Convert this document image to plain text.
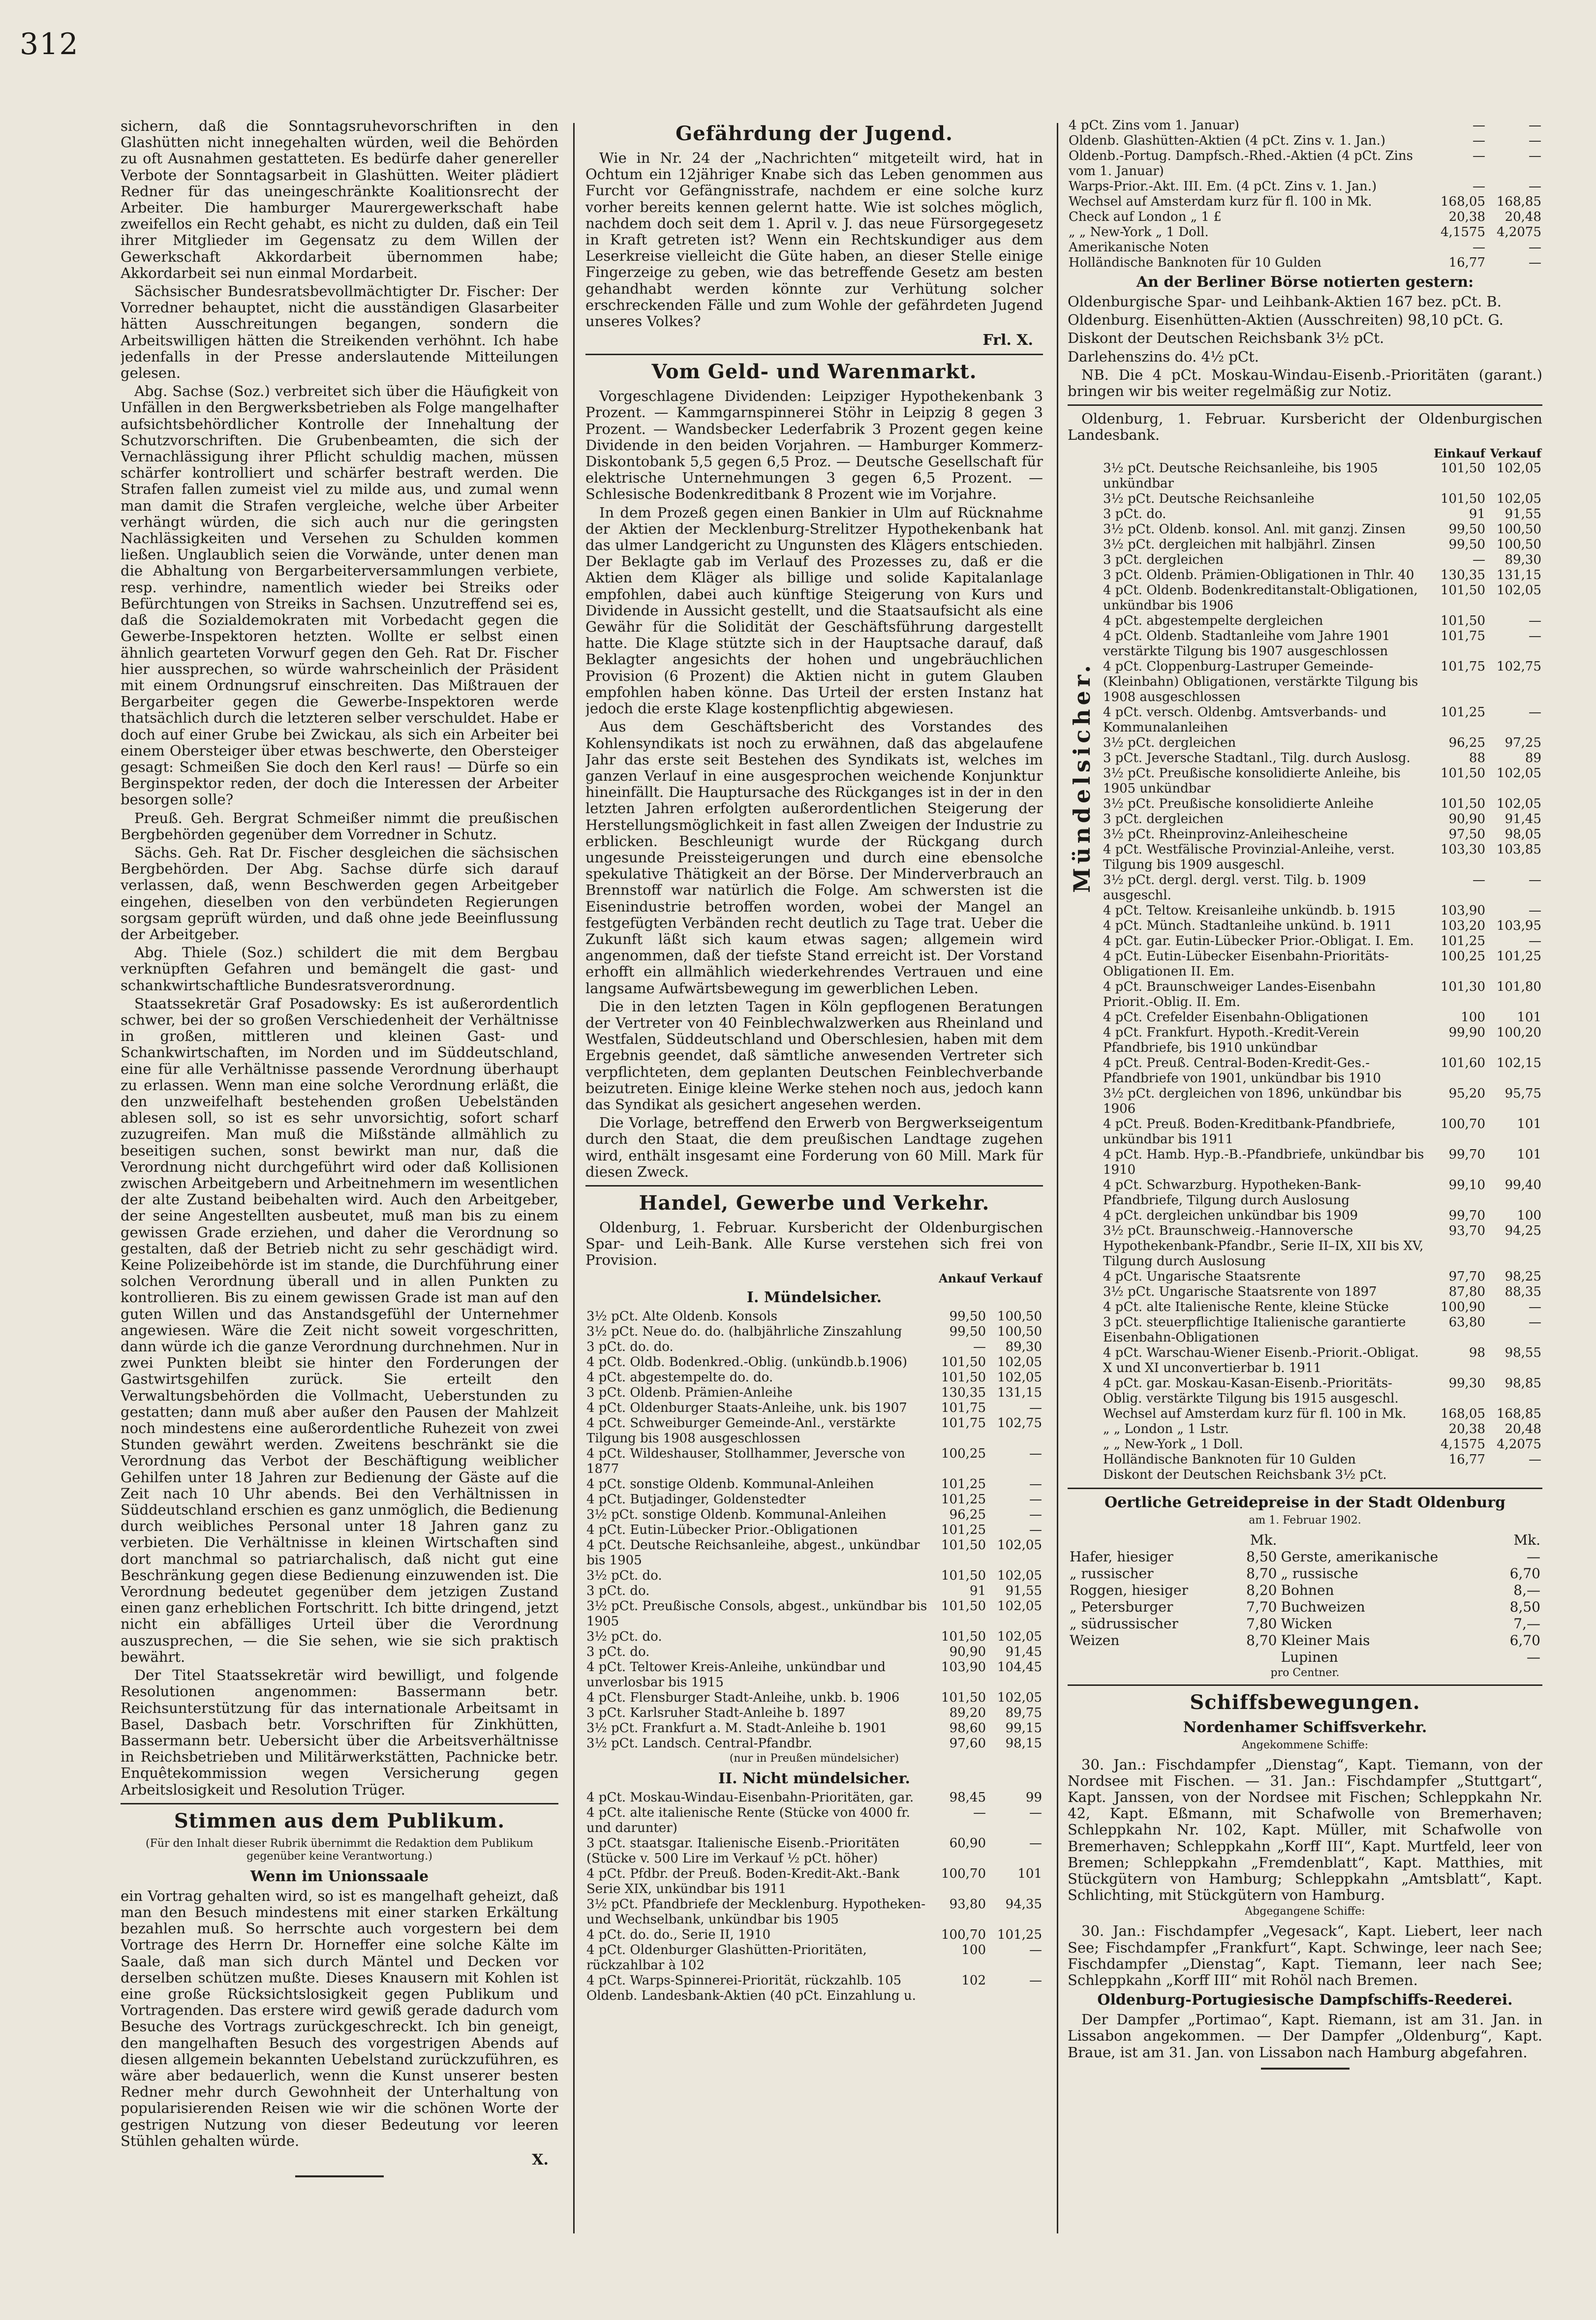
312

sichern, daß die Sonntagsruhevorschriften in den Glashütten nicht innegehalten würden, weil die Behörden zu oft Ausnahmen gestatteten. Es bedürfe daher genereller Verbote der Sonntagsarbeit in Glashütten. Weiter plädiert Redner für das uneingeschränkte Koalitionsrecht der Arbeiter. Die hamburger Maurergewerkschaft habe zweifellos ein Recht gehabt, es nicht zu dulden, daß ein Teil ihrer Mitglieder im Gegensatz zu dem Willen der Gewerkschaft Akkordarbeit übernommen habe; Akkordarbeit sei nun einmal Mordarbeit.

Sächsischer Bundesratsbevollmächtigter Dr. Fischer: Der Vorredner behauptet, nicht die ausständigen Glasarbeiter hätten Ausschreitungen begangen, sondern die Arbeitswilligen hätten die Streikenden verhöhnt. Ich habe jedenfalls in der Presse anderslautende Mitteilungen gelesen.

Abg. Sachse (Soz.) verbreitet sich über die Häufigkeit von Unfällen in den Bergwerksbetrieben als Folge mangelhafter aufsichtsbehördlicher Kontrolle der Innehaltung der Schutzvorschriften. Die Grubenbeamten, die sich der Vernachlässigung ihrer Pflicht schuldig machen, müssen schärfer kontrolliert und schärfer bestraft werden. Die Strafen fallen zumeist viel zu milde aus, und zumal wenn man damit die Strafen vergleiche, welche über Arbeiter verhängt würden, die sich auch nur die geringsten Nachlässigkeiten und Versehen zu Schulden kommen ließen. Unglaublich seien die Vorwände, unter denen man die Abhaltung von Bergarbeiterversammlungen verbiete, resp. verhindre, namentlich wieder bei Streiks oder Befürchtungen von Streiks in Sachsen. Unzutreffend sei es, daß die Sozialdemokraten mit Vorbedacht gegen die Gewerbe-Inspektoren hetzten. Wollte er selbst einen ähnlich gearteten Vorwurf gegen den Geh. Rat Dr. Fischer hier aussprechen, so würde wahrscheinlich der Präsident mit einem Ordnungsruf einschreiten. Das Mißtrauen der Bergarbeiter gegen die Gewerbe-Inspektoren werde thatsächlich durch die letzteren selber verschuldet. Habe er doch auf einer Grube bei Zwickau, als sich ein Arbeiter bei einem Obersteiger über etwas beschwerte, den Obersteiger gesagt: Schmeißen Sie doch den Kerl raus! — Dürfe so ein Berginspektor reden, der doch die Interessen der Arbeiter besorgen solle?

Preuß. Geh. Bergrat Schmeißer nimmt die preußischen Bergbehörden gegenüber dem Vorredner in Schutz.

Sächs. Geh. Rat Dr. Fischer desgleichen die sächsischen Bergbehörden. Der Abg. Sachse dürfe sich darauf verlassen, daß, wenn Beschwerden gegen Arbeitgeber eingehen, dieselben von den verbündeten Regierungen sorgsam geprüft würden, und daß ohne jede Beeinflussung der Arbeitgeber.

Abg. Thiele (Soz.) schildert die mit dem Bergbau verknüpften Gefahren und bemängelt die gast- und schankwirtschaftliche Bundesratsverordnung.

Staatssekretär Graf Posadowsky: Es ist außerordentlich schwer, bei der so großen Verschiedenheit der Verhältnisse in großen, mittleren und kleinen Gast- und Schankwirtschaften, im Norden und im Süddeutschland, eine für alle Verhältnisse passende Verordnung überhaupt zu erlassen. Wenn man eine solche Verordnung erläßt, die den unzweifelhaft bestehenden großen Uebelständen ablesen soll, so ist es sehr unvorsichtig, sofort scharf zuzugreifen. Man muß die Mißstände allmählich zu beseitigen suchen, sonst bewirkt man nur, daß die Verordnung nicht durchgeführt wird oder daß Kollisionen zwischen Arbeitgebern und Arbeitnehmern im wesentlichen der alte Zustand beibehalten wird. Auch den Arbeitgeber, der seine Angestellten ausbeutet, muß man bis zu einem gewissen Grade erziehen, und daher die Verordnung so gestalten, daß der Betrieb nicht zu sehr geschädigt wird. Keine Polizeibehörde ist im stande, die Durchführung einer solchen Verordnung überall und in allen Punkten zu kontrollieren. Bis zu einem gewissen Grade ist man auf den guten Willen und das Anstandsgefühl der Unternehmer angewiesen. Wäre die Zeit nicht soweit vorgeschritten, dann würde ich die ganze Verordnung durchnehmen. Nur in zwei Punkten bleibt sie hinter den Forderungen der Gastwirtsgehilfen zurück. Sie erteilt den Verwaltungsbehörden die Vollmacht, Ueberstunden zu gestatten; dann muß aber außer den Pausen der Mahlzeit noch mindestens eine außerordentliche Ruhezeit von zwei Stunden gewährt werden. Zweitens beschränkt sie die Verordnung das Verbot der Beschäftigung weiblicher Gehilfen unter 18 Jahren zur Bedienung der Gäste auf die Zeit nach 10 Uhr abends. Bei den Verhältnissen in Süddeutschland erschien es ganz unmöglich, die Bedienung durch weibliches Personal unter 18 Jahren ganz zu verbieten. Die Verhältnisse in kleinen Wirtschaften sind dort manchmal so patriarchalisch, daß nicht gut eine Beschränkung gegen diese Bedienung einzuwenden ist. Die Verordnung bedeutet gegenüber dem jetzigen Zustand einen ganz erheblichen Fortschritt. Ich bitte dringend, jetzt nicht ein abfälliges Urteil über die Verordnung auszusprechen, — die Sie sehen, wie sie sich praktisch bewährt.

Der Titel Staatssekretär wird bewilligt, und folgende Resolutionen angenommen: Bassermann betr. Reichsunterstützung für das internationale Arbeitsamt in Basel, Dasbach betr. Vorschriften für Zinkhütten, Bassermann betr. Uebersicht über die Arbeitsverhältnisse in Reichsbetrieben und Militärwerkstätten, Pachnicke betr. Enquêtekommission wegen Versicherung gegen Arbeitslosigkeit und Resolution Trüger.

Stimmen aus dem Publikum.
(Für den Inhalt dieser Rubrik übernimmt die Redaktion dem Publikum gegenüber keine Verantwortung.)
Wenn im Unionssaale

ein Vortrag gehalten wird, so ist es mangelhaft geheizt, daß man den Besuch mindestens mit einer starken Erkältung bezahlen muß. So herrschte auch vorgestern bei dem Vortrage des Herrn Dr. Horneffer eine solche Kälte im Saale, daß man sich durch Mäntel und Decken vor derselben schützen mußte. Dieses Knausern mit Kohlen ist eine große Rücksichtslosigkeit gegen Publikum und Vortragenden. Das erstere wird gewiß gerade dadurch vom Besuche des Vortrags zurückgeschreckt. Ich bin geneigt, den mangelhaften Besuch des vorgestrigen Abends auf diesen allgemein bekannten Uebelstand zurückzuführen, es wäre aber bedauerlich, wenn die Kunst unserer besten Redner mehr durch Gewohnheit der Unterhaltung von popularisierenden Reisen wie wir die schönen Worte der gestrigen Nutzung von dieser Bedeutung vor leeren Stühlen gehalten würde.

X.
Gefährdung der Jugend.

Wie in Nr. 24 der „Nachrichten“ mitgeteilt wird, hat in Ochtum ein 12jähriger Knabe sich das Leben genommen aus Furcht vor Gefängnisstrafe, nachdem er eine solche kurz vorher bereits kennen gelernt hatte. Wie ist solches möglich, nachdem doch seit dem 1. April v. J. das neue Fürsorgegesetz in Kraft getreten ist? Wenn ein Rechtskundiger aus dem Leserkreise vielleicht die Güte haben, an dieser Stelle einige Fingerzeige zu geben, wie das betreffende Gesetz am besten gehandhabt werden könnte zur Verhütung solcher erschreckenden Fälle und zum Wohle der gefährdeten Jugend unseres Volkes?

Frl. X.
Vom Geld- und Warenmarkt.

Vorgeschlagene Dividenden: Leipziger Hypothekenbank 3 Prozent. — Kammgarnspinnerei Stöhr in Leipzig 8 gegen 3 Prozent. — Wandsbecker Lederfabrik 3 Prozent gegen keine Dividende in den beiden Vorjahren. — Hamburger Kommerz-Diskontobank 5,5 gegen 6,5 Proz. — Deutsche Gesellschaft für elektrische Unternehmungen 3 gegen 6,5 Prozent. — Schlesische Bodenkreditbank 8 Prozent wie im Vorjahre.

In dem Prozeß gegen einen Bankier in Ulm auf Rücknahme der Aktien der Mecklenburg-Strelitzer Hypothekenbank hat das ulmer Landgericht zu Ungunsten des Klägers entschieden. Der Beklagte gab im Verlauf des Prozesses zu, daß er die Aktien dem Kläger als billige und solide Kapitalanlage empfohlen, dabei auch künftige Steigerung von Kurs und Dividende in Aussicht gestellt, und die Staatsaufsicht als eine Gewähr für die Solidität der Geschäftsführung dargestellt hatte. Die Klage stützte sich in der Hauptsache darauf, daß Beklagter angesichts der hohen und ungebräuchlichen Provision (6 Prozent) die Aktien nicht in gutem Glauben empfohlen haben könne. Das Urteil der ersten Instanz hat jedoch die erste Klage kostenpflichtig abgewiesen.

Aus dem Geschäftsbericht des Vorstandes des Kohlensyndikats ist noch zu erwähnen, daß das abgelaufene Jahr das erste seit Bestehen des Syndikats ist, welches im ganzen Verlauf in eine ausgesprochen weichende Konjunktur hineinfällt. Die Hauptursache des Rückganges ist in der in den letzten Jahren erfolgten außerordentlichen Steigerung der Herstellungsmöglichkeit in fast allen Zweigen der Industrie zu erblicken. Beschleunigt wurde der Rückgang durch ungesunde Preissteigerungen und durch eine ebensolche spekulative Thätigkeit an der Börse. Der Minderverbrauch an Brennstoff war natürlich die Folge. Am schwersten ist die Eisenindustrie betroffen worden, wobei der Mangel an festgefügten Verbänden recht deutlich zu Tage trat. Ueber die Zukunft läßt sich kaum etwas sagen; allgemein wird angenommen, daß der tiefste Stand erreicht ist. Der Vorstand erhofft ein allmählich wiederkehrendes Vertrauen und eine langsame Aufwärtsbewegung im gewerblichen Leben.

Die in den letzten Tagen in Köln gepflogenen Beratungen der Vertreter von 40 Feinblechwalzwerken aus Rheinland und Westfalen, Süddeutschland und Oberschlesien, haben mit dem Ergebnis geendet, daß sämtliche anwesenden Vertreter sich verpflichteten, dem geplanten Deutschen Feinblechverbande beizutreten. Einige kleine Werke stehen noch aus, jedoch kann das Syndikat als gesichert angesehen werden.

Die Vorlage, betreffend den Erwerb von Bergwerkseigentum durch den Staat, die dem preußischen Landtage zugehen wird, enthält insgesamt eine Forderung von 60 Mill. Mark für diesen Zweck.

Handel, Gewerbe und Verkehr.

Oldenburg, 1. Februar. Kursbericht der Oldenburgischen Spar- und Leih-Bank. Alle Kurse verstehen sich frei von Provision.

	Ankauf	Verkauf
I. Mündelsicher.
3½ pCt. Alte Oldenb. Konsols	99,50	100,50
3½ pCt. Neue do. do. (halbjährliche Zinszahlung	99,50	100,50
3 pCt. do. do.	—	89,30
4 pCt. Oldb. Bodenkred.-Oblig. (unkündb.b.1906)	101,50	102,05
4 pCt. abgestempelte do. do.	101,50	102,05
3 pCt. Oldenb. Prämien-Anleihe	130,35	131,15
4 pCt. Oldenburger Staats-Anleihe, unk. bis 1907	101,75	—
4 pCt. Schweiburger Gemeinde-Anl., verstärkte Tilgung bis 1908 ausgeschlossen	101,75	102,75
4 pCt. Wildeshauser, Stollhammer, Jeversche von 1877	100,25	—
4 pCt. sonstige Oldenb. Kommunal-Anleihen	101,25	—
4 pCt. Butjadinger, Goldenstedter	101,25	—
3½ pCt. sonstige Oldenb. Kommunal-Anleihen	96,25	—
4 pCt. Eutin-Lübecker Prior.-Obligationen	101,25	—
4 pCt. Deutsche Reichsanleihe, abgest., unkündbar bis 1905	101,50	102,05
3½ pCt. do.	101,50	102,05
3 pCt. do.	91	91,55
3½ pCt. Preußische Consols, abgest., unkündbar bis 1905	101,50	102,05
3½ pCt. do.	101,50	102,05
3 pCt. do.	90,90	91,45
4 pCt. Teltower Kreis-Anleihe, unkündbar und unverlosbar bis 1915	103,90	104,45
4 pCt. Flensburger Stadt-Anleihe, unkb. b. 1906	101,50	102,05
3 pCt. Karlsruher Stadt-Anleihe b. 1897	89,20	89,75
3½ pCt. Frankfurt a. M. Stadt-Anleihe b. 1901	98,60	99,15
3½ pCt. Landsch. Central-Pfandbr.	97,60	98,15
(nur in Preußen mündelsicher)
II. Nicht mündelsicher.
4 pCt. Moskau-Windau-Eisenbahn-Prioritäten, gar.	98,45	99
4 pCt. alte italienische Rente (Stücke von 4000 fr. und darunter)	—	—
3 pCt. staatsgar. Italienische Eisenb.-Prioritäten (Stücke v. 500 Lire im Verkauf ½ pCt. höher)	60,90	—
4 pCt. Pfdbr. der Preuß. Boden-Kredit-Akt.-Bank Serie XIX, unkündbar bis 1911	100,70	101
3½ pCt. Pfandbriefe der Mecklenburg. Hypotheken- und Wechselbank, unkündbar bis 1905	93,80	94,35
4 pCt. do. do., Serie II, 1910	100,70	101,25
4 pCt. Oldenburger Glashütten-Prioritäten, rückzahlbar à 102	100	—
4 pCt. Warps-Spinnerei-Priorität, rückzahlb. 105	102	—
Oldenb. Landesbank-Aktien (40 pCt. Einzahlung u.		
4 pCt. Zins vom 1. Januar)	—	—
Oldenb. Glashütten-Aktien (4 pCt. Zins v. 1. Jan.)	—	—
Oldenb.-Portug. Dampfsch.-Rhed.-Aktien (4 pCt. Zins vom 1. Januar)	—	—
Warps-Prior.-Akt. III. Em. (4 pCt. Zins v. 1. Jan.)	—	—
Wechsel auf Amsterdam kurz für fl. 100 in Mk.	168,05	168,85
Check auf London „ 1 £	20,38	20,48
„ „ New-York „ 1 Doll.	4,1575	4,2075
Amerikanische Noten	—	—
Holländische Banknoten für 10 Gulden	16,77	—
An der Berliner Börse notierten gestern:

Oldenburgische Spar- und Leihbank-Aktien 167 bez. pCt. B.

Oldenburg. Eisenhütten-Aktien (Ausschreiten) 98,10 pCt. G.

Diskont der Deutschen Reichsbank 3½ pCt.

Darlehenszins do. 4½ pCt.

NB. Die 4 pCt. Moskau-Windau-Eisenb.-Prioritäten (garant.) bringen wir bis weiter regelmäßig zur Notiz.

Oldenburg, 1. Februar. Kursbericht der Oldenburgischen Landesbank.

	Einkauf	Verkauf
3½ pCt. Deutsche Reichsanleihe, bis 1905 unkündbar	101,50	102,05
3½ pCt. Deutsche Reichsanleihe	101,50	102,05
3 pCt. do.	91	91,55
3½ pCt. Oldenb. konsol. Anl. mit ganzj. Zinsen	99,50	100,50
3½ pCt. dergleichen mit halbjährl. Zinsen	99,50	100,50
3 pCt. dergleichen	—	89,30
3 pCt. Oldenb. Prämien-Obligationen in Thlr. 40	130,35	131,15
4 pCt. Oldenb. Bodenkreditanstalt-Obligationen, unkündbar bis 1906	101,50	102,05
4 pCt. abgestempelte dergleichen	101,50	—
4 pCt. Oldenb. Stadtanleihe vom Jahre 1901 verstärkte Tilgung bis 1907 ausgeschlossen	101,75	—
4 pCt. Cloppenburg-Lastruper Gemeinde-(Kleinbahn) Obligationen, verstärkte Tilgung bis 1908 ausgeschlossen	101,75	102,75
4 pCt. versch. Oldenbg. Amtsverbands- und Kommunalanleihen	101,25	—
3½ pCt. dergleichen	96,25	97,25
3 pCt. Jeversche Stadtanl., Tilg. durch Auslosg.	88	89
3½ pCt. Preußische konsolidierte Anleihe, bis 1905 unkündbar	101,50	102,05
3½ pCt. Preußische konsolidierte Anleihe	101,50	102,05
3 pCt. dergleichen	90,90	91,45
3½ pCt. Rheinprovinz-Anleihescheine	97,50	98,05
4 pCt. Westfälische Provinzial-Anleihe, verst. Tilgung bis 1909 ausgeschl.	103,30	103,85
3½ pCt. dergl. dergl. verst. Tilg. b. 1909 ausgeschl.	—	—
4 pCt. Teltow. Kreisanleihe unkündb. b. 1915	103,90	—
4 pCt. Münch. Stadtanleihe unkünd. b. 1911	103,20	103,95
4 pCt. gar. Eutin-Lübecker Prior.-Obligat. I. Em.	101,25	—
4 pCt. Eutin-Lübecker Eisenbahn-Prioritäts-Obligationen II. Em.	100,25	101,25
4 pCt. Braunschweiger Landes-Eisenbahn Priorit.-Oblig. II. Em.	101,30	101,80
4 pCt. Crefelder Eisenbahn-Obligationen	100	101
4 pCt. Frankfurt. Hypoth.-Kredit-Verein Pfandbriefe, bis 1910 unkündbar	99,90	100,20
4 pCt. Preuß. Central-Boden-Kredit-Ges.-Pfandbriefe von 1901, unkündbar bis 1910	101,60	102,15
3½ pCt. dergleichen von 1896, unkündbar bis 1906	95,20	95,75
4 pCt. Preuß. Boden-Kreditbank-Pfandbriefe, unkündbar bis 1911	100,70	101
4 pCt. Hamb. Hyp.-B.-Pfandbriefe, unkündbar bis 1910	99,70	101
4 pCt. Schwarzburg. Hypotheken-Bank-Pfandbriefe, Tilgung durch Auslosung	99,10	99,40
4 pCt. dergleichen unkündbar bis 1909	99,70	100
3½ pCt. Braunschweig.-Hannoversche Hypothekenbank-Pfandbr., Serie II–IX, XII bis XV, Tilgung durch Auslosung	93,70	94,25
4 pCt. Ungarische Staatsrente	97,70	98,25
3½ pCt. Ungarische Staatsrente von 1897	87,80	88,35
4 pCt. alte Italienische Rente, kleine Stücke	100,90	—
3 pCt. steuerpflichtige Italienische garantierte Eisenbahn-Obligationen	63,80	—
4 pCt. Warschau-Wiener Eisenb.-Priorit.-Obligat. X und XI unconvertierbar b. 1911	98	98,55
4 pCt. gar. Moskau-Kasan-Eisenb.-Prioritäts-Oblig. verstärkte Tilgung bis 1915 ausgeschl.	99,30	98,85
Wechsel auf Amsterdam kurz für fl. 100 in Mk.	168,05	168,85
„ „ London „ 1 Lstr.	20,38	20,48
„ „ New-York „ 1 Doll.	4,1575	4,2075
Holländische Banknoten für 10 Gulden	16,77	—
Diskont der Deutschen Reichsbank 3½ pCt.		
Oertliche Getreidepreise in der Stadt Oldenburg
am 1. Februar 1902.
	Mk.		Mk.
Hafer, hiesiger	8,50	Gerste, amerikanische	—
„ russischer	8,70	„ russische	6,70
Roggen, hiesiger	8,20	Bohnen	8,—
„ Petersburger	7,70	Buchweizen	8,50
„ südrussischer	7,80	Wicken	7,—
Weizen	8,70	Kleiner Mais	6,70
		Lupinen	—
pro Centner.
Schiffsbewegungen.
Nordenhamer Schiffsverkehr.
Angekommene Schiffe:

30. Jan.: Fischdampfer „Dienstag“, Kapt. Tiemann, von der Nordsee mit Fischen. — 31. Jan.: Fischdampfer „Stuttgart“, Kapt. Janssen, von der Nordsee mit Fischen; Schleppkahn Nr. 42, Kapt. Eßmann, mit Schafwolle von Bremerhaven; Schleppkahn Nr. 102, Kapt. Müller, mit Schafwolle von Bremerhaven; Schleppkahn „Korff III“, Kapt. Murtfeld, leer von Bremen; Schleppkahn „Fremdenblatt“, Kapt. Matthies, mit Stückgütern von Hamburg; Schleppkahn „Amtsblatt“, Kapt. Schlichting, mit Stückgütern von Hamburg.

Abgegangene Schiffe:

30. Jan.: Fischdampfer „Vegesack“, Kapt. Liebert, leer nach See; Fischdampfer „Frankfurt“, Kapt. Schwinge, leer nach See; Fischdampfer „Dienstag“, Kapt. Tiemann, leer nach See; Schleppkahn „Korff III“ mit Rohöl nach Bremen.

Oldenburg-Portugiesische Dampfschiffs-Reederei.

Der Dampfer „Portimao“, Kapt. Riemann, ist am 31. Jan. in Lissabon angekommen. — Der Dampfer „Oldenburg“, Kapt. Braue, ist am 31. Jan. von Lissabon nach Hamburg abgefahren.

Mündelsicher.
